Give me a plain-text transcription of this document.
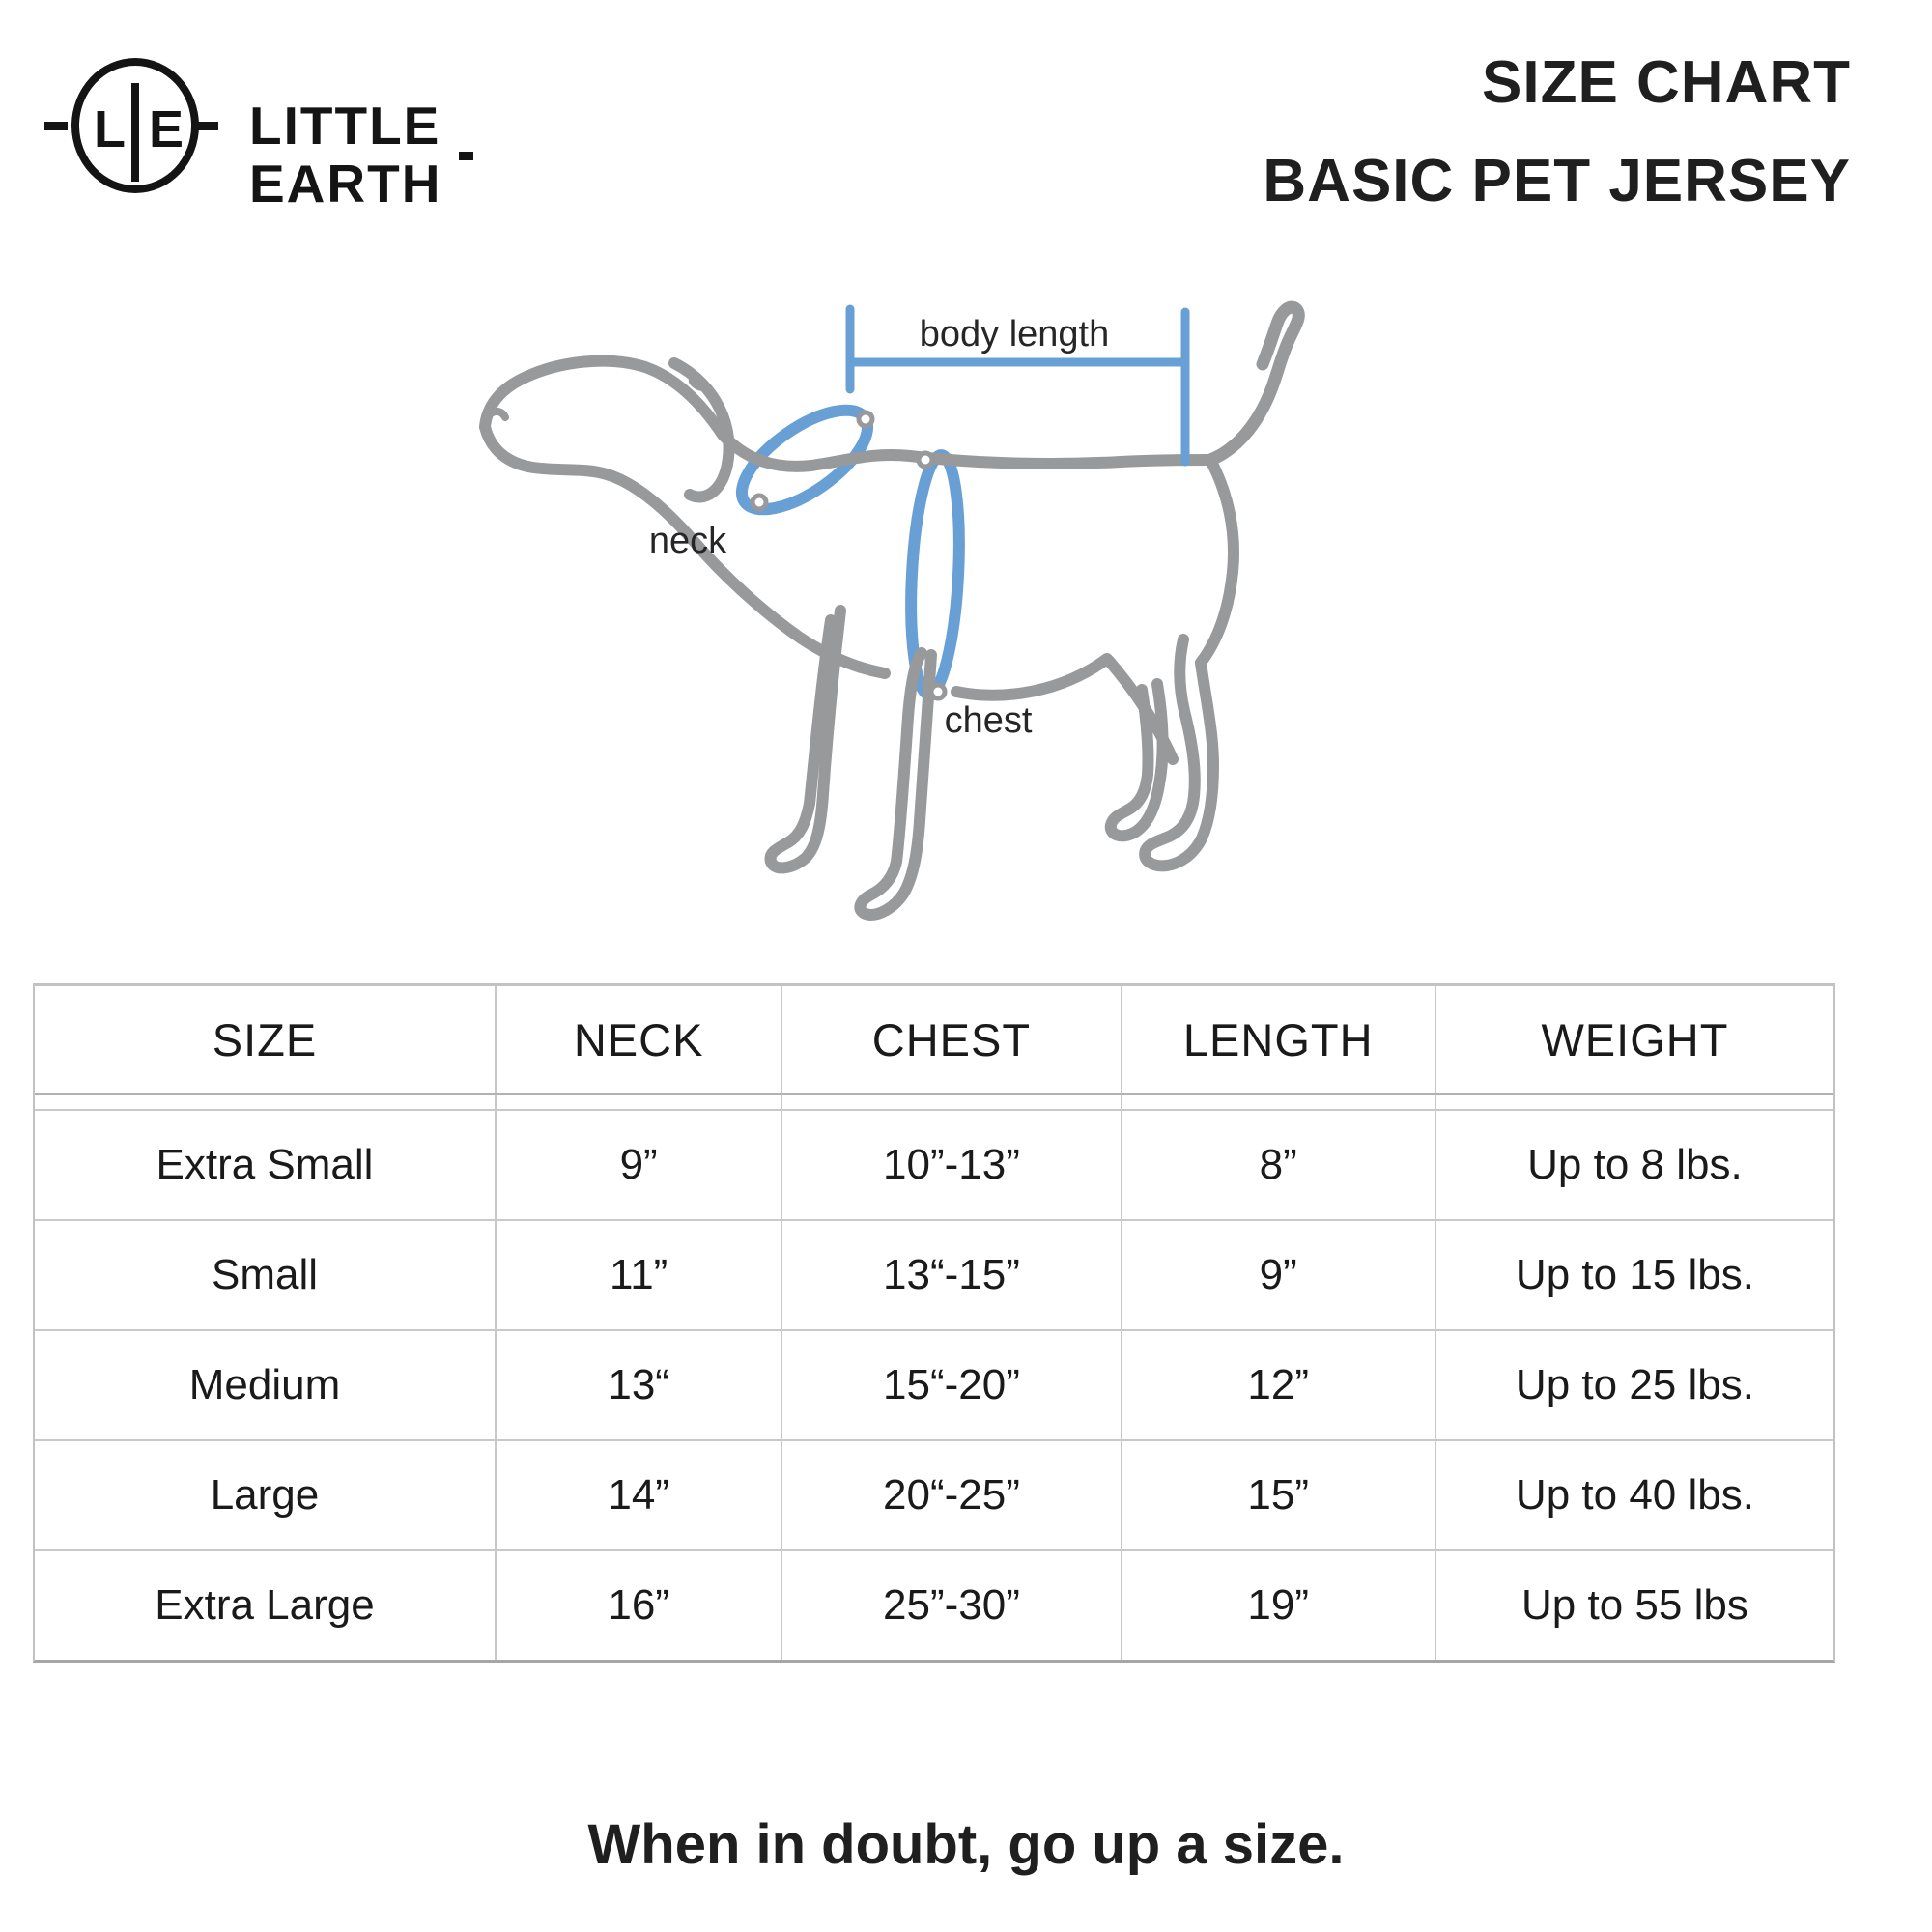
L E LITTLE EARTH
SIZE CHART
BASIC PET JERSEY
body length
neck
chest
SIZE	NECK	CHEST	LENGTH	WEIGHT
Extra Small	9”	10”-13”	8”	Up to 8 lbs.
Small	11”	13“-15”	9”	Up to 15 lbs.
Medium	13“	15“-20”	12”	Up to 25 lbs.
Large	14”	20“-25”	15”	Up to 40 lbs.
Extra Large	16”	25”-30”	19”	Up to 55 lbs
When in doubt, go up a size.
